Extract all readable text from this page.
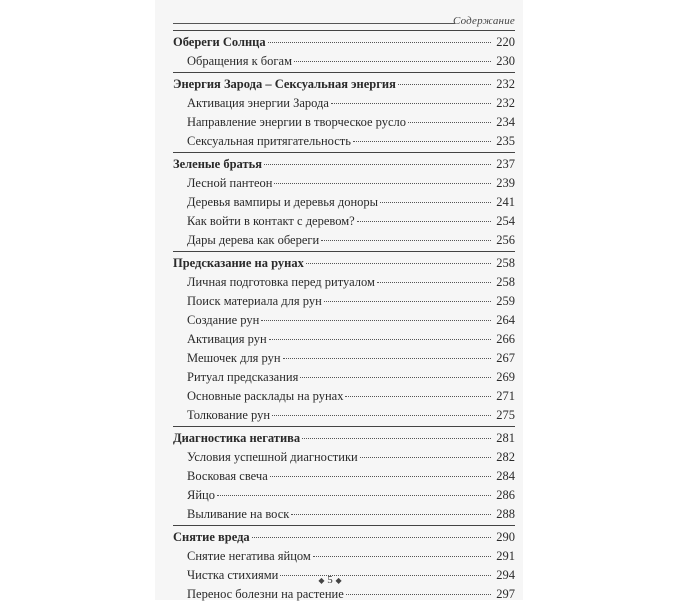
Содержание
Обереги Солнца	220
Обращения к богам	230
Энергия Зарода – Сексуальная энергия	232
Активация энергии Зарода	232
Направление энергии в творческое русло	234
Сексуальная притягательность	235
Зеленые братья	237
Лесной пантеон	239
Деревья вампиры и деревья доноры	241
Как войти в контакт с деревом?	254
Дары дерева как обереги	256
Предсказание на рунах	258
Личная подготовка перед ритуалом	258
Поиск материала для рун	259
Создание рун	264
Активация рун	266
Мешочек для рун	267
Ритуал предсказания	269
Основные расклады на рунах	271
Толкование рун	275
Диагностика негатива	281
Условия успешной диагностики	282
Восковая свеча	284
Яйцо	286
Выливание на воск	288
Снятие вреда	290
Снятие негатива яйцом	291
Чистка стихиями	294
Перенос болезни на растение	297
◆ 5 ◆
